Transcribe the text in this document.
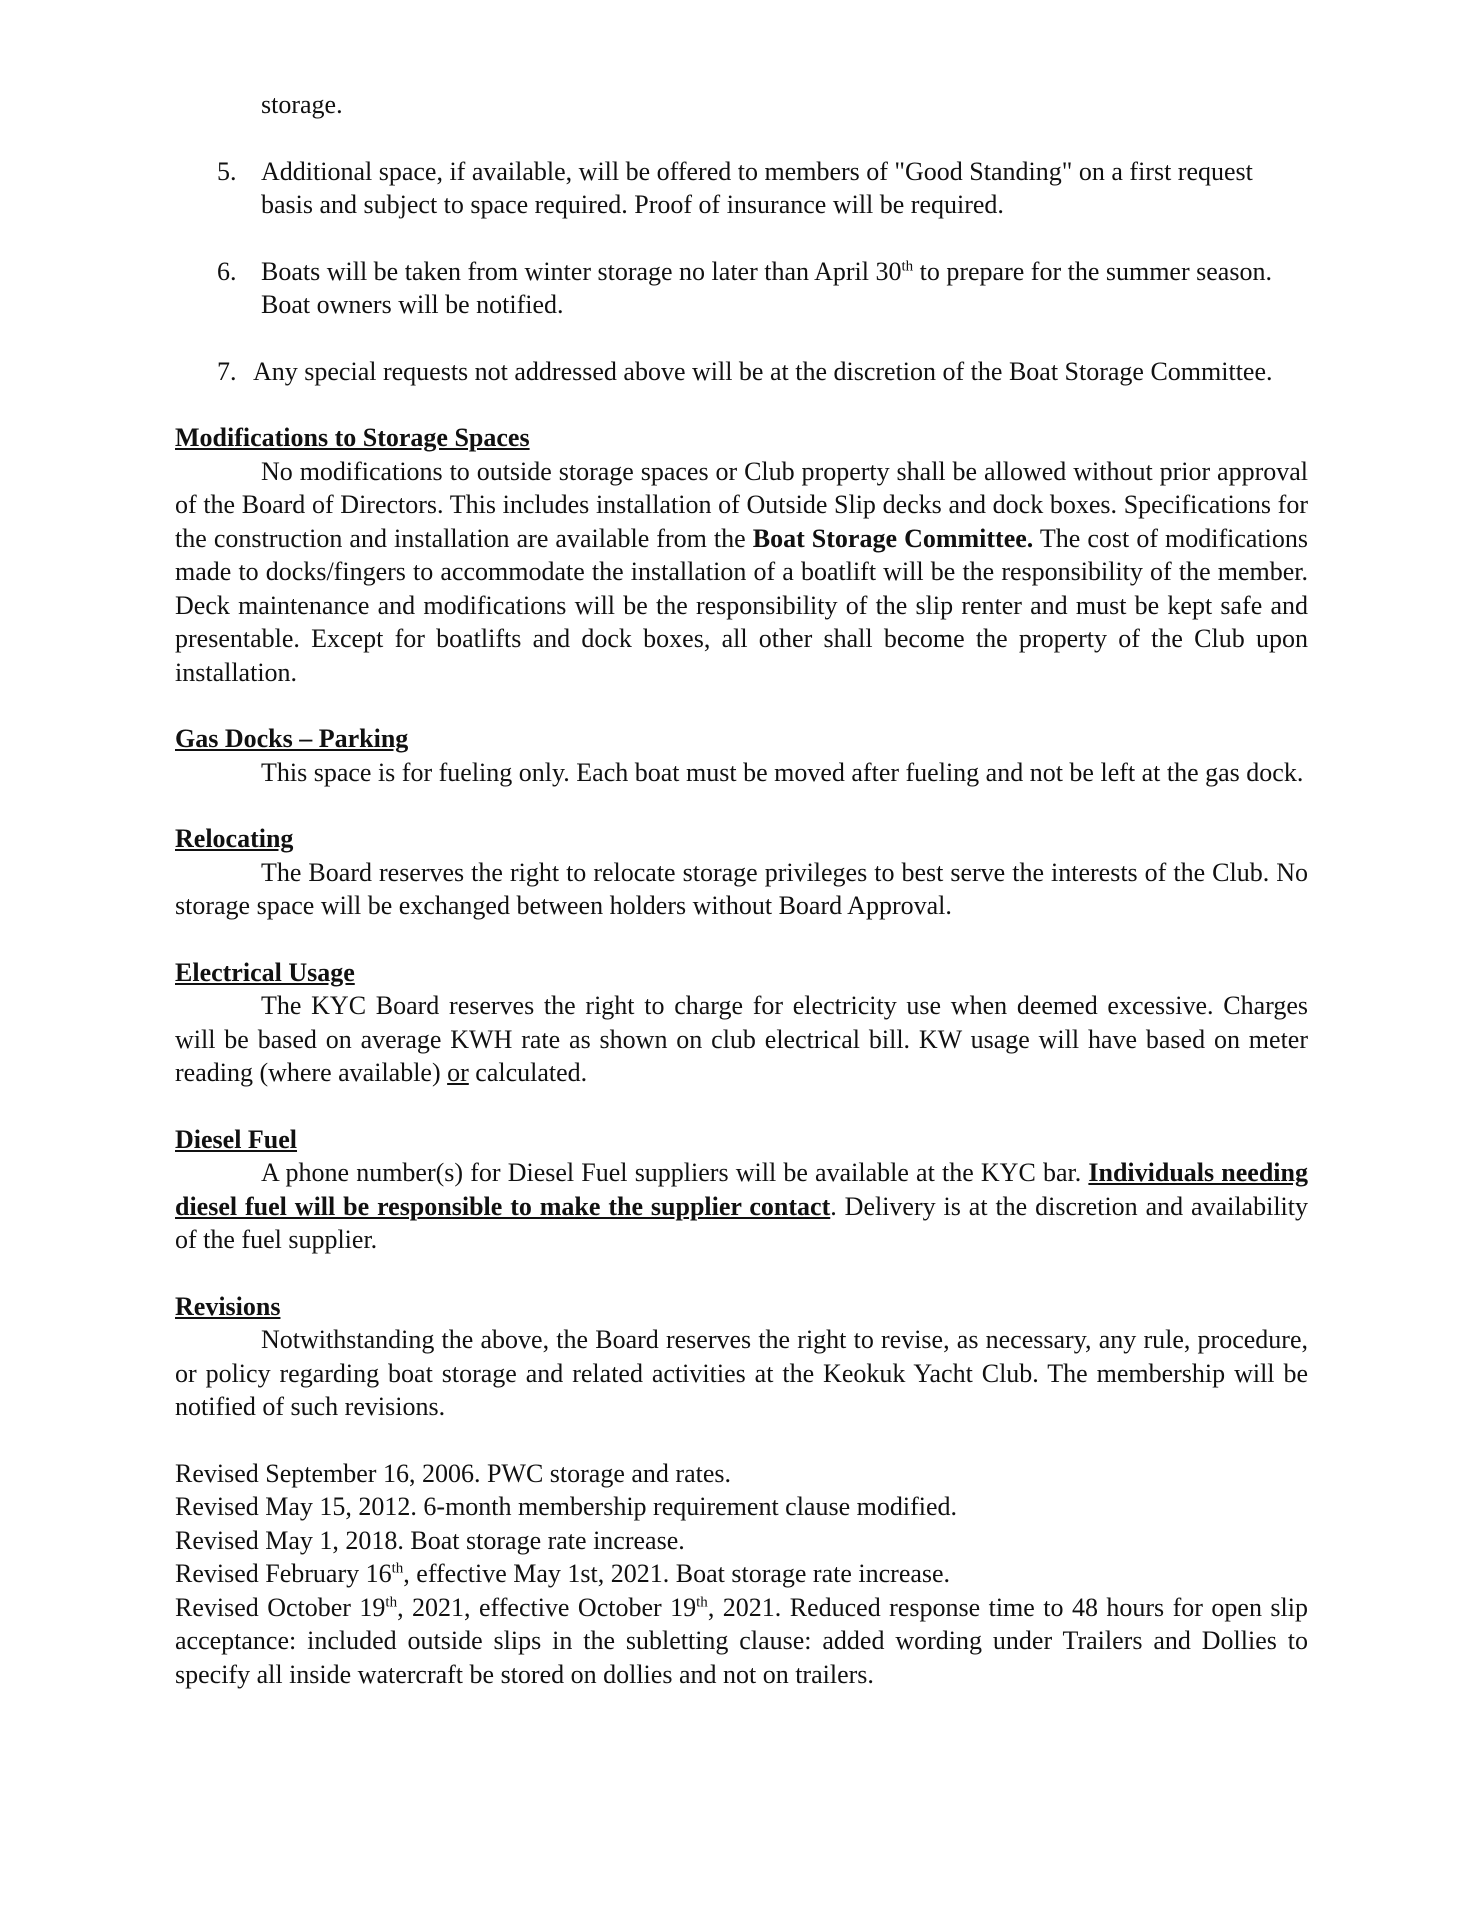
storage.

5. Additional space, if available, will be offered to members of "Good Standing" on a first request basis and subject to space required. Proof of insurance will be required.
6. Boats will be taken from winter storage no later than April 30th to prepare for the summer season. Boat owners will be notified.
7. Any special requests not addressed above will be at the discretion of the Boat Storage Committee.
Modifications to Storage Spaces

No modifications to outside storage spaces or Club property shall be allowed without prior approval of the Board of Directors. This includes installation of Outside Slip decks and dock boxes. Specifications for the construction and installation are available from the Boat Storage Committee. The cost of modifications made to docks/fingers to accommodate the installation of a boatlift will be the responsibility of the member. Deck maintenance and modifications will be the responsibility of the slip renter and must be kept safe and presentable. Except for boatlifts and dock boxes, all other shall become the property of the Club upon installation.

Gas Docks – Parking

This space is for fueling only. Each boat must be moved after fueling and not be left at the gas dock.

Relocating

The Board reserves the right to relocate storage privileges to best serve the interests of the Club. No storage space will be exchanged between holders without Board Approval.

Electrical Usage

The KYC Board reserves the right to charge for electricity use when deemed excessive. Charges will be based on average KWH rate as shown on club electrical bill. KW usage will have based on meter reading (where available) or calculated.

Diesel Fuel

A phone number(s) for Diesel Fuel suppliers will be available at the KYC bar. Individuals needing diesel fuel will be responsible to make the supplier contact. Delivery is at the discretion and availability of the fuel supplier.

Revisions

Notwithstanding the above, the Board reserves the right to revise, as necessary, any rule, procedure, or policy regarding boat storage and related activities at the Keokuk Yacht Club. The membership will be notified of such revisions.

Revised September 16, 2006. PWC storage and rates.

Revised May 15, 2012. 6-month membership requirement clause modified.

Revised May 1, 2018. Boat storage rate increase.

Revised February 16th, effective May 1st, 2021. Boat storage rate increase.

Revised October 19th, 2021, effective October 19th, 2021. Reduced response time to 48 hours for open slip acceptance: included outside slips in the subletting clause: added wording under Trailers and Dollies to specify all inside watercraft be stored on dollies and not on trailers.
